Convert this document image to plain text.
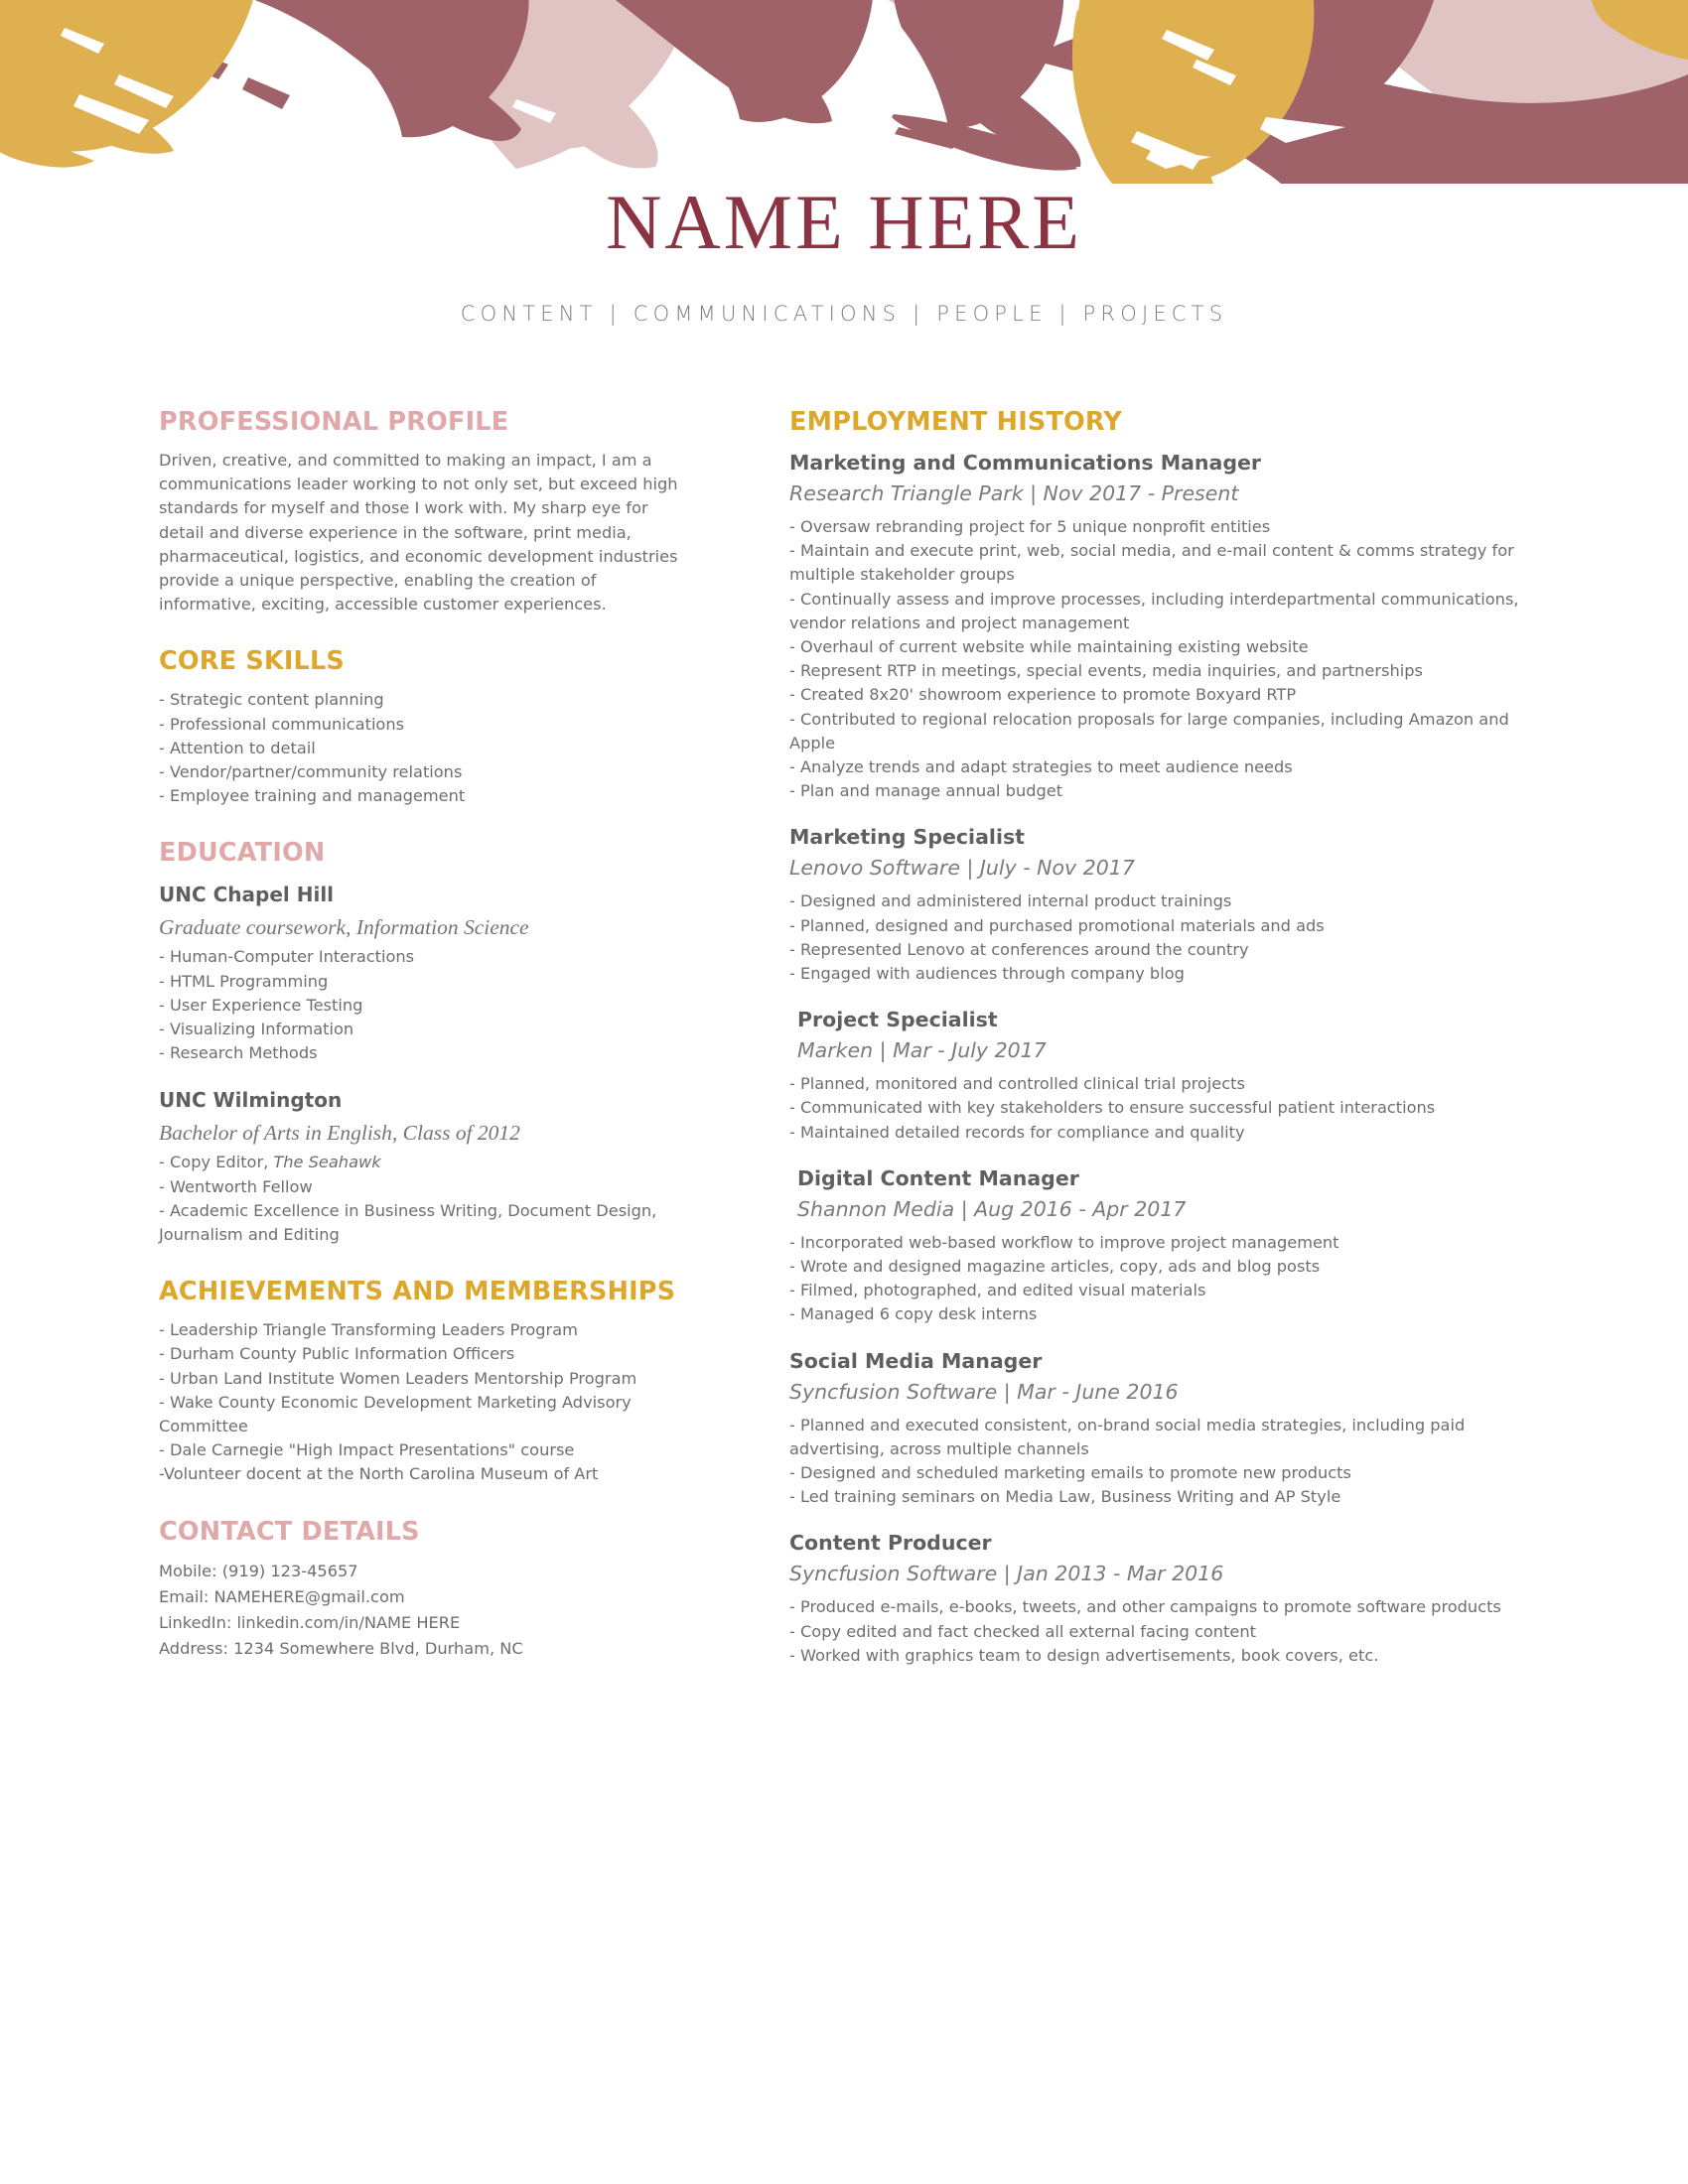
NAME HERE
CONTENT | COMMUNICATIONS | PEOPLE | PROJECTS
PROFESSIONAL PROFILE

Driven, creative, and committed to making an impact, I am a communications leader working to not only set, but exceed high standards for myself and those I work with. My sharp eye for detail and diverse experience in the software, print media, pharmaceutical, logistics, and economic development industries provide a unique perspective, enabling the creation of informative, exciting, accessible customer experiences.

CORE SKILLS
- Strategic content planning
- Professional communications
- Attention to detail
- Vendor/partner/community relations
- Employee training and management
EDUCATION
UNC Chapel Hill
Graduate coursework, Information Science
- Human-Computer Interactions
- HTML Programming
- User Experience Testing
- Visualizing Information
- Research Methods
UNC Wilmington
Bachelor of Arts in English, Class of 2012
- Copy Editor, The Seahawk
- Wentworth Fellow
- Academic Excellence in Business Writing, Document Design, Journalism and Editing
ACHIEVEMENTS AND MEMBERSHIPS
- Leadership Triangle Transforming Leaders Program
- Durham County Public Information Officers
- Urban Land Institute Women Leaders Mentorship Program
- Wake County Economic Development Marketing Advisory Committee
- Dale Carnegie "High Impact Presentations" course
-Volunteer docent at the North Carolina Museum of Art
CONTACT DETAILS
Mobile: (919) 123-45657
Email: NAMEHERE@gmail.com
LinkedIn: linkedin.com/in/NAME HERE
Address: 1234 Somewhere Blvd, Durham, NC
EMPLOYMENT HISTORY
Marketing and Communications Manager
Research Triangle Park | Nov 2017 - Present
- Oversaw rebranding project for 5 unique nonprofit entities
- Maintain and execute print, web, social media, and e-mail content & comms strategy for multiple stakeholder groups
- Continually assess and improve processes, including interdepartmental communications, vendor relations and project management
- Overhaul of current website while maintaining existing website
- Represent RTP in meetings, special events, media inquiries, and partnerships
- Created 8x20' showroom experience to promote Boxyard RTP
- Contributed to regional relocation proposals for large companies, including Amazon and Apple
- Analyze trends and adapt strategies to meet audience needs
- Plan and manage annual budget
Marketing Specialist
Lenovo Software | July - Nov 2017
- Designed and administered internal product trainings
- Planned, designed and purchased promotional materials and ads
- Represented Lenovo at conferences around the country
- Engaged with audiences through company blog
Project Specialist
Marken | Mar - July 2017
- Planned, monitored and controlled clinical trial projects
- Communicated with key stakeholders to ensure successful patient interactions
- Maintained detailed records for compliance and quality
Digital Content Manager
Shannon Media | Aug 2016 - Apr 2017
- Incorporated web-based workflow to improve project management
- Wrote and designed magazine articles, copy, ads and blog posts
- Filmed, photographed, and edited visual materials
- Managed 6 copy desk interns
Social Media Manager
Syncfusion Software | Mar - June 2016
- Planned and executed consistent, on-brand social media strategies, including paid advertising, across multiple channels
- Designed and scheduled marketing emails to promote new products
- Led training seminars on Media Law, Business Writing and AP Style
Content Producer
Syncfusion Software | Jan 2013 - Mar 2016
- Produced e-mails, e-books, tweets, and other campaigns to promote software products
- Copy edited and fact checked all external facing content
- Worked with graphics team to design advertisements, book covers, etc.
